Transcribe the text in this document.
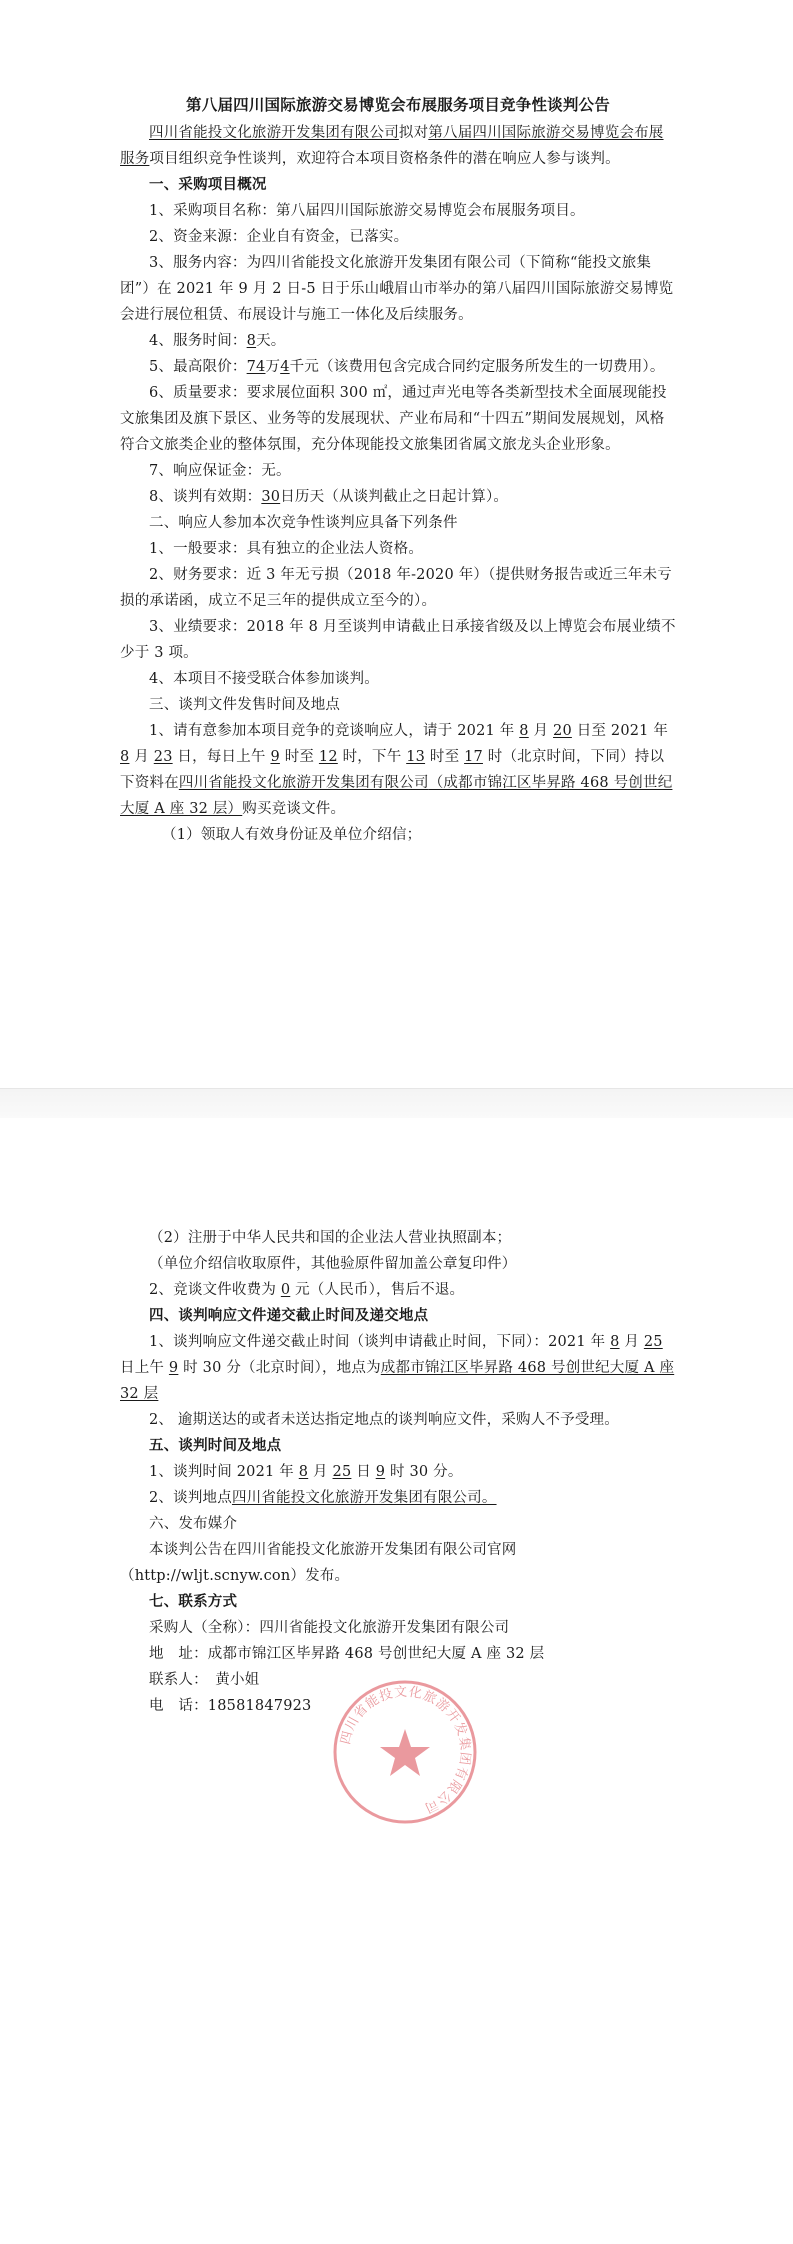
第八届四川国际旅游交易博览会布展服务项目竞争性谈判公告

四川省能投文化旅游开发集团有限公司拟对第八届四川国际旅游交易博览会布展服务项目组织竞争性谈判，欢迎符合本项目资格条件的潜在响应人参与谈判。

一、采购项目概况

1、采购项目名称：第八届四川国际旅游交易博览会布展服务项目。

2、资金来源：企业自有资金，已落实。

3、服务内容：为四川省能投文化旅游开发集团有限公司（下简称“能投文旅集团”）在 2021 年 9 月 2 日-5 日于乐山峨眉山市举办的第八届四川国际旅游交易博览会进行展位租赁、布展设计与施工一体化及后续服务。

4、服务时间：8天。

5、最高限价：74万4千元（该费用包含完成合同约定服务所发生的一切费用）。

6、质量要求：要求展位面积 300 ㎡，通过声光电等各类新型技术全面展现能投文旅集团及旗下景区、业务等的发展现状、产业布局和“十四五”期间发展规划，风格符合文旅类企业的整体氛围，充分体现能投文旅集团省属文旅龙头企业形象。

7、响应保证金：无。

8、谈判有效期：30日历天（从谈判截止之日起计算）。

二、响应人参加本次竞争性谈判应具备下列条件

1、一般要求：具有独立的企业法人资格。

2、财务要求：近 3 年无亏损（2018 年-2020 年）（提供财务报告或近三年未亏损的承诺函，成立不足三年的提供成立至今的）。

3、业绩要求：2018 年 8 月至谈判申请截止日承接省级及以上博览会布展业绩不少于 3 项。

4、本项目不接受联合体参加谈判。

三、谈判文件发售时间及地点

1、请有意参加本项目竞争的竞谈响应人，请于 2021 年 8 月 20 日至 2021 年 8 月 23 日，每日上午 9 时至 12 时，下午 13 时至 17 时（北京时间，下同）持以下资料在四川省能投文化旅游开发集团有限公司（成都市锦江区毕昇路 468 号创世纪大厦 A 座 32 层）购买竞谈文件。

（1）领取人有效身份证及单位介绍信；

（2）注册于中华人民共和国的企业法人营业执照副本；

（单位介绍信收取原件，其他验原件留加盖公章复印件）

2、竞谈文件收费为 0 元（人民币），售后不退。

四、谈判响应文件递交截止时间及递交地点

1、谈判响应文件递交截止时间（谈判申请截止时间，下同）：2021 年 8 月 25 日上午 9 时 30 分（北京时间），地点为成都市锦江区毕昇路 468 号创世纪大厦 A 座 32 层

2、 逾期送达的或者未送达指定地点的谈判响应文件，采购人不予受理。

五、谈判时间及地点

1、谈判时间 2021 年 8 月 25 日 9 时 30 分。

2、谈判地点四川省能投文化旅游开发集团有限公司。

六、发布媒介

本谈判公告在四川省能投文化旅游开发集团有限公司官网（http://wljt.scnyw.con）发布。

七、联系方式

采购人（全称）：四川省能投文化旅游开发集团有限公司

地　址：成都市锦江区毕昇路 468 号创世纪大厦 A 座 32 层

联系人：　黄小姐

电　话：18581847923

四川省能投文化旅游开发集团有限公司
